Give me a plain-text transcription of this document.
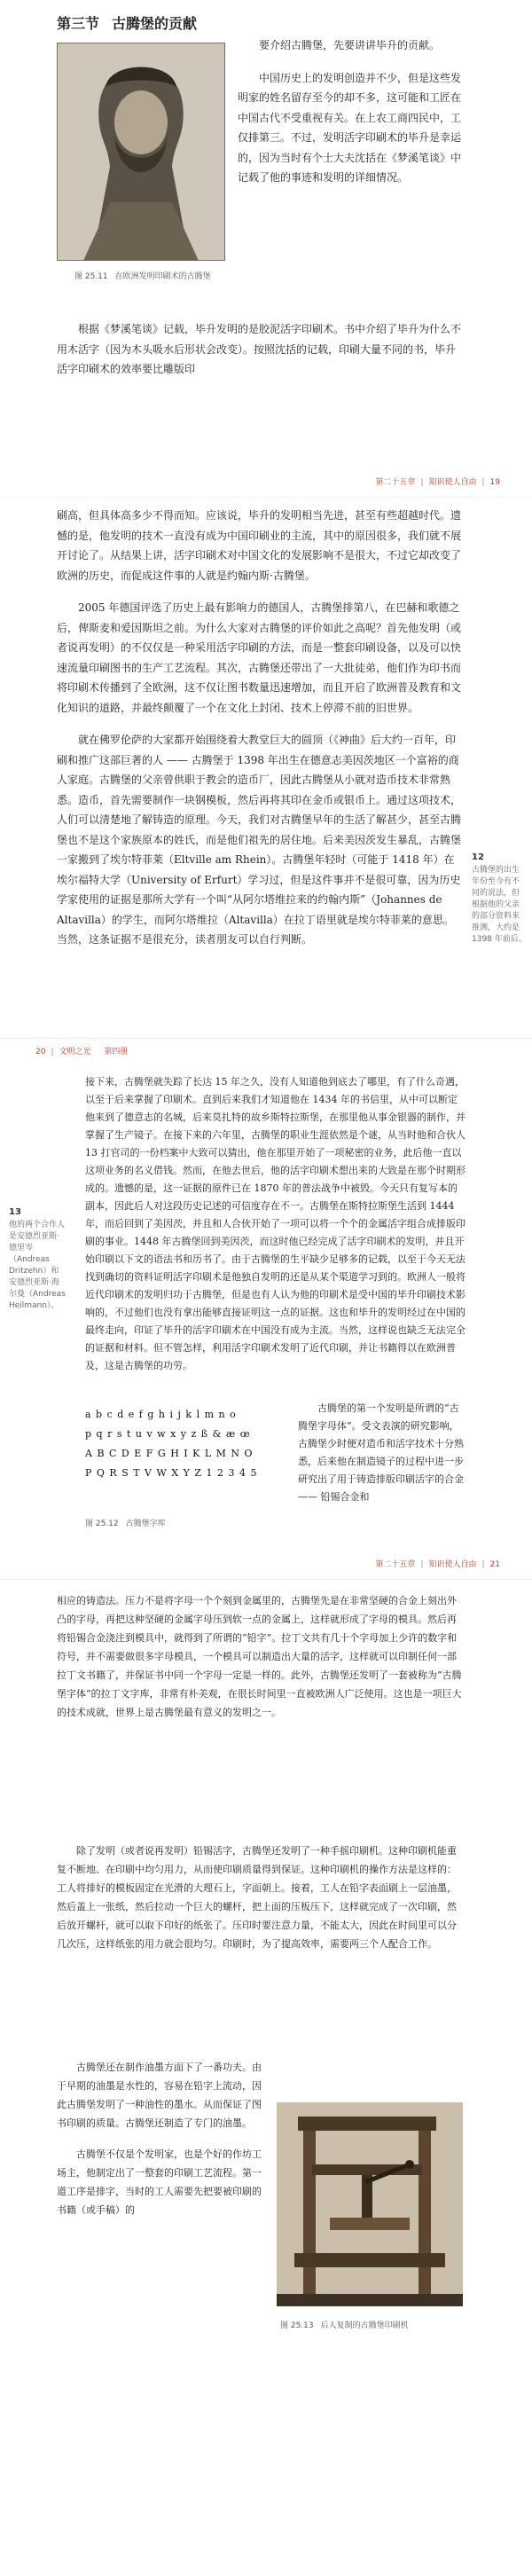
第三节 古腾堡的贡献
图 25.11 在欧洲发明印刷术的古腾堡

要介绍古腾堡，先要讲讲毕升的贡献。

中国历史上的发明创造并不少，但是这些发明家的姓名留存至今的却不多，这可能和工匠在中国古代不受重视有关。在上农工商四民中，工仅排第三。不过，发明活字印刷术的毕升是幸运的，因为当时有个士大夫沈括在《梦溪笔谈》中记载了他的事迹和发明的详细情况。

根据《梦溪笔谈》记载，毕升发明的是胶泥活字印刷术。书中介绍了毕升为什么不用木活字（因为木头吸水后形状会改变）。按照沈括的记载，印刷大量不同的书，毕升活字印刷术的效率要比雕版印

第二十五章 | 知识使人自由 | 19

刷高，但具体高多少不得而知。应该说，毕升的发明相当先进，甚至有些超越时代。遗憾的是，他发明的技术一直没有成为中国印刷业的主流，其中的原因很多，我们就不展开讨论了。从结果上讲，活字印刷术对中国文化的发展影响不是很大，不过它却改变了欧洲的历史，而促成这件事的人就是约翰内斯·古腾堡。

2005 年德国评选了历史上最有影响力的德国人，古腾堡排第八，在巴赫和歌德之后，俾斯麦和爱因斯坦之前。为什么大家对古腾堡的评价如此之高呢？首先他发明（或者说再发明）的不仅仅是一种采用活字印刷的方法，而是一整套印刷设备，以及可以快速流量印刷图书的生产工艺流程。其次，古腾堡还带出了一大批徒弟，他们作为印书而将印刷术传播到了全欧洲，这不仅让图书数量迅速增加，而且开启了欧洲普及教育和文化知识的道路，并最终颠覆了一个在文化上封闭、技术上停滞不前的旧世界。

就在佛罗伦萨的大家都开始围绕着大教堂巨大的圆顶（《神曲》后大约一百年，印刷和推广这部巨著的人 —— 古腾堡于 1398 年出生在德意志美因茨地区一个富裕的商人家庭。古腾堡的父亲曾供职于教会的造币厂，因此古腾堡从小就对造币技术非常熟悉。造币，首先需要制作一块钢模板，然后再将其印在金币或银币上。通过这项技术，人们可以清楚地了解铸造的原理。今天，我们对古腾堡早年的生活了解甚少，甚至古腾堡也不是这个家族原本的姓氏，而是他们祖先的居住地。后来美因茨发生暴乱，古腾堡一家搬到了埃尔特菲莱（Eltville am Rhein）。古腾堡年轻时（可能于 1418 年）在埃尔福特大学（University of Erfurt）学习过，但是这件事并不是很可靠，因为历史学家使用的证据是那所大学有一个叫“从阿尔塔维拉来的约翰内斯”（Johannes de Altavilla）的学生，而阿尔塔维拉（Altavilla）在拉丁语里就是埃尔特菲莱的意思。当然，这条证据不是很充分，读者朋友可以自行判断。

12
古腾堡的出生年份至今有不同的说法，但根据他的父亲的部分资料来推测，大约是 1398 年前后。
20 | 文明之光 第四册
13
他的两个合作人是安德烈亚斯·德里岑（Andreas Dritzehn）和安德烈亚斯·海尔曼（Andreas Heilmann）。

接下来，古腾堡就失踪了长达 15 年之久，没有人知道他到底去了哪里，有了什么奇遇，以至于后来掌握了印刷术。直到后来我们才知道他在 1434 年的书信里，从中可以断定他来到了德意志的名城，后来莫扎特的故乡斯特拉斯堡，在那里他从事金银器的制作，并掌握了生产镜子。在接下来的六年里，古腾堡的职业生涯依然是个谜，从当时他和合伙人 13 打官司的一份档案中大致可以猜出，他在那里开始了一项秘密的业务，此后他一直以这项业务的名义借钱。然而，在他去世后，他的活字印刷术想出来的大致是在那个时期形成的。遗憾的是，这一证据的原件已在 1870 年的普法战争中被毁。今天只有复写本的副本，因此后人对这段历史记述的可信度存在不一。古腾堡在斯特拉斯堡生活到 1444 年，而后回到了美因茨，并且和人合伙开始了一项可以将一个个的金属活字组合成排版印刷的事业。1448 年古腾堡回到美因茨，而这时他已经完成了活字印刷术的发明，并且开始印刷以下文的语法书和历书了。由于古腾堡的生平缺少足够多的记载，以至于今天无法找到确切的资料证明活字印刷术是他独自发明的还是从某个渠道学习到的。欧洲人一般将近代印刷术的发明归功于古腾堡，但是也有人认为他的印刷术是受中国的毕升印刷技术影响的，不过他们也没有拿出能够直接证明这一点的证据。这也和毕升的发明经过在中国的最终走向，印证了毕升的活字印刷术在中国没有成为主流。当然，这样说也缺乏无法完全的证据和材料。但不管怎样，利用活字印刷术发明了近代印刷，并让书籍得以在欧洲普及，这是古腾堡的功劳。

a b c d e f g h i j k l m n o
p q r s t u v w x y z ß & æ œ
A B C D E F G H I K L M N O
P Q R S T V W X Y Z 1 2 3 4 5
图 25.12 古腾堡字库

古腾堡的第一个发明是所谓的“古腾堡字母体”。受文表演的研究影响，古腾堡少时便对造币和活字技术十分熟悉，后来他在制造镜子的过程中进一步研究出了用于铸造排版印刷活字的合金 —— 铅锡合金和

第二十五章 | 知识使人自由 | 21

相应的铸造法。压力不是将字母一个个刻到金属里的，古腾堡先是在非常坚硬的合金上刻出外凸的字母，再把这种坚硬的金属字母压到软一点的金属上，这样就形成了字母的模具。然后再将铅锡合金浇注到模具中，就得到了所谓的“铅字”。拉丁文共有几十个字母加上少许的数字和符号，并不需要做很多字母模具，一个模具可以制造出大量的活字，这样就可以印制任何一部拉丁文书籍了，并保证书中同一个字母一定是一样的。此外，古腾堡还发明了一套被称为“古腾堡字体”的拉丁文字库，非常有朴美观，在很长时间里一直被欧洲人广泛使用。这也是一项巨大的技术成就，世界上是古腾堡最有意义的发明之一。

除了发明（或者说再发明）铅锡活字，古腾堡还发明了一种手摇印刷机。这种印刷机能重复不断地、在印刷中均匀用力，从而使印刷质量得到保证。这种印刷机的操作方法是这样的：工人将排好的模板固定在光滑的大理石上，字面朝上。接着，工人在铅字表面刷上一层油墨，然后盖上一张纸，然后拉动一个巨大的螺杆，把上面的压板压下，这样就完成了一次印刷，然后放开螺杆，就可以取下印好的纸张了。压印时要注意力量，不能太大，因此在时间里可以分几次压，这样纸张的用力就会很均匀。印刷时，为了提高效率，需要两三个人配合工作。

古腾堡还在制作油墨方面下了一番功夫。由于早期的油墨是水性的，容易在铅字上流动，因此古腾堡发明了一种油性的墨水。从而保证了图书印刷的质量。古腾堡还制造了专门的油墨。

古腾堡不仅是个发明家，也是个好的作坊工场主，他制定出了一整套的印刷工艺流程。第一道工序是排字，当时的工人需要先把要被印刷的书籍（或手稿）的

图 25.13 后人复制的古腾堡印刷机
